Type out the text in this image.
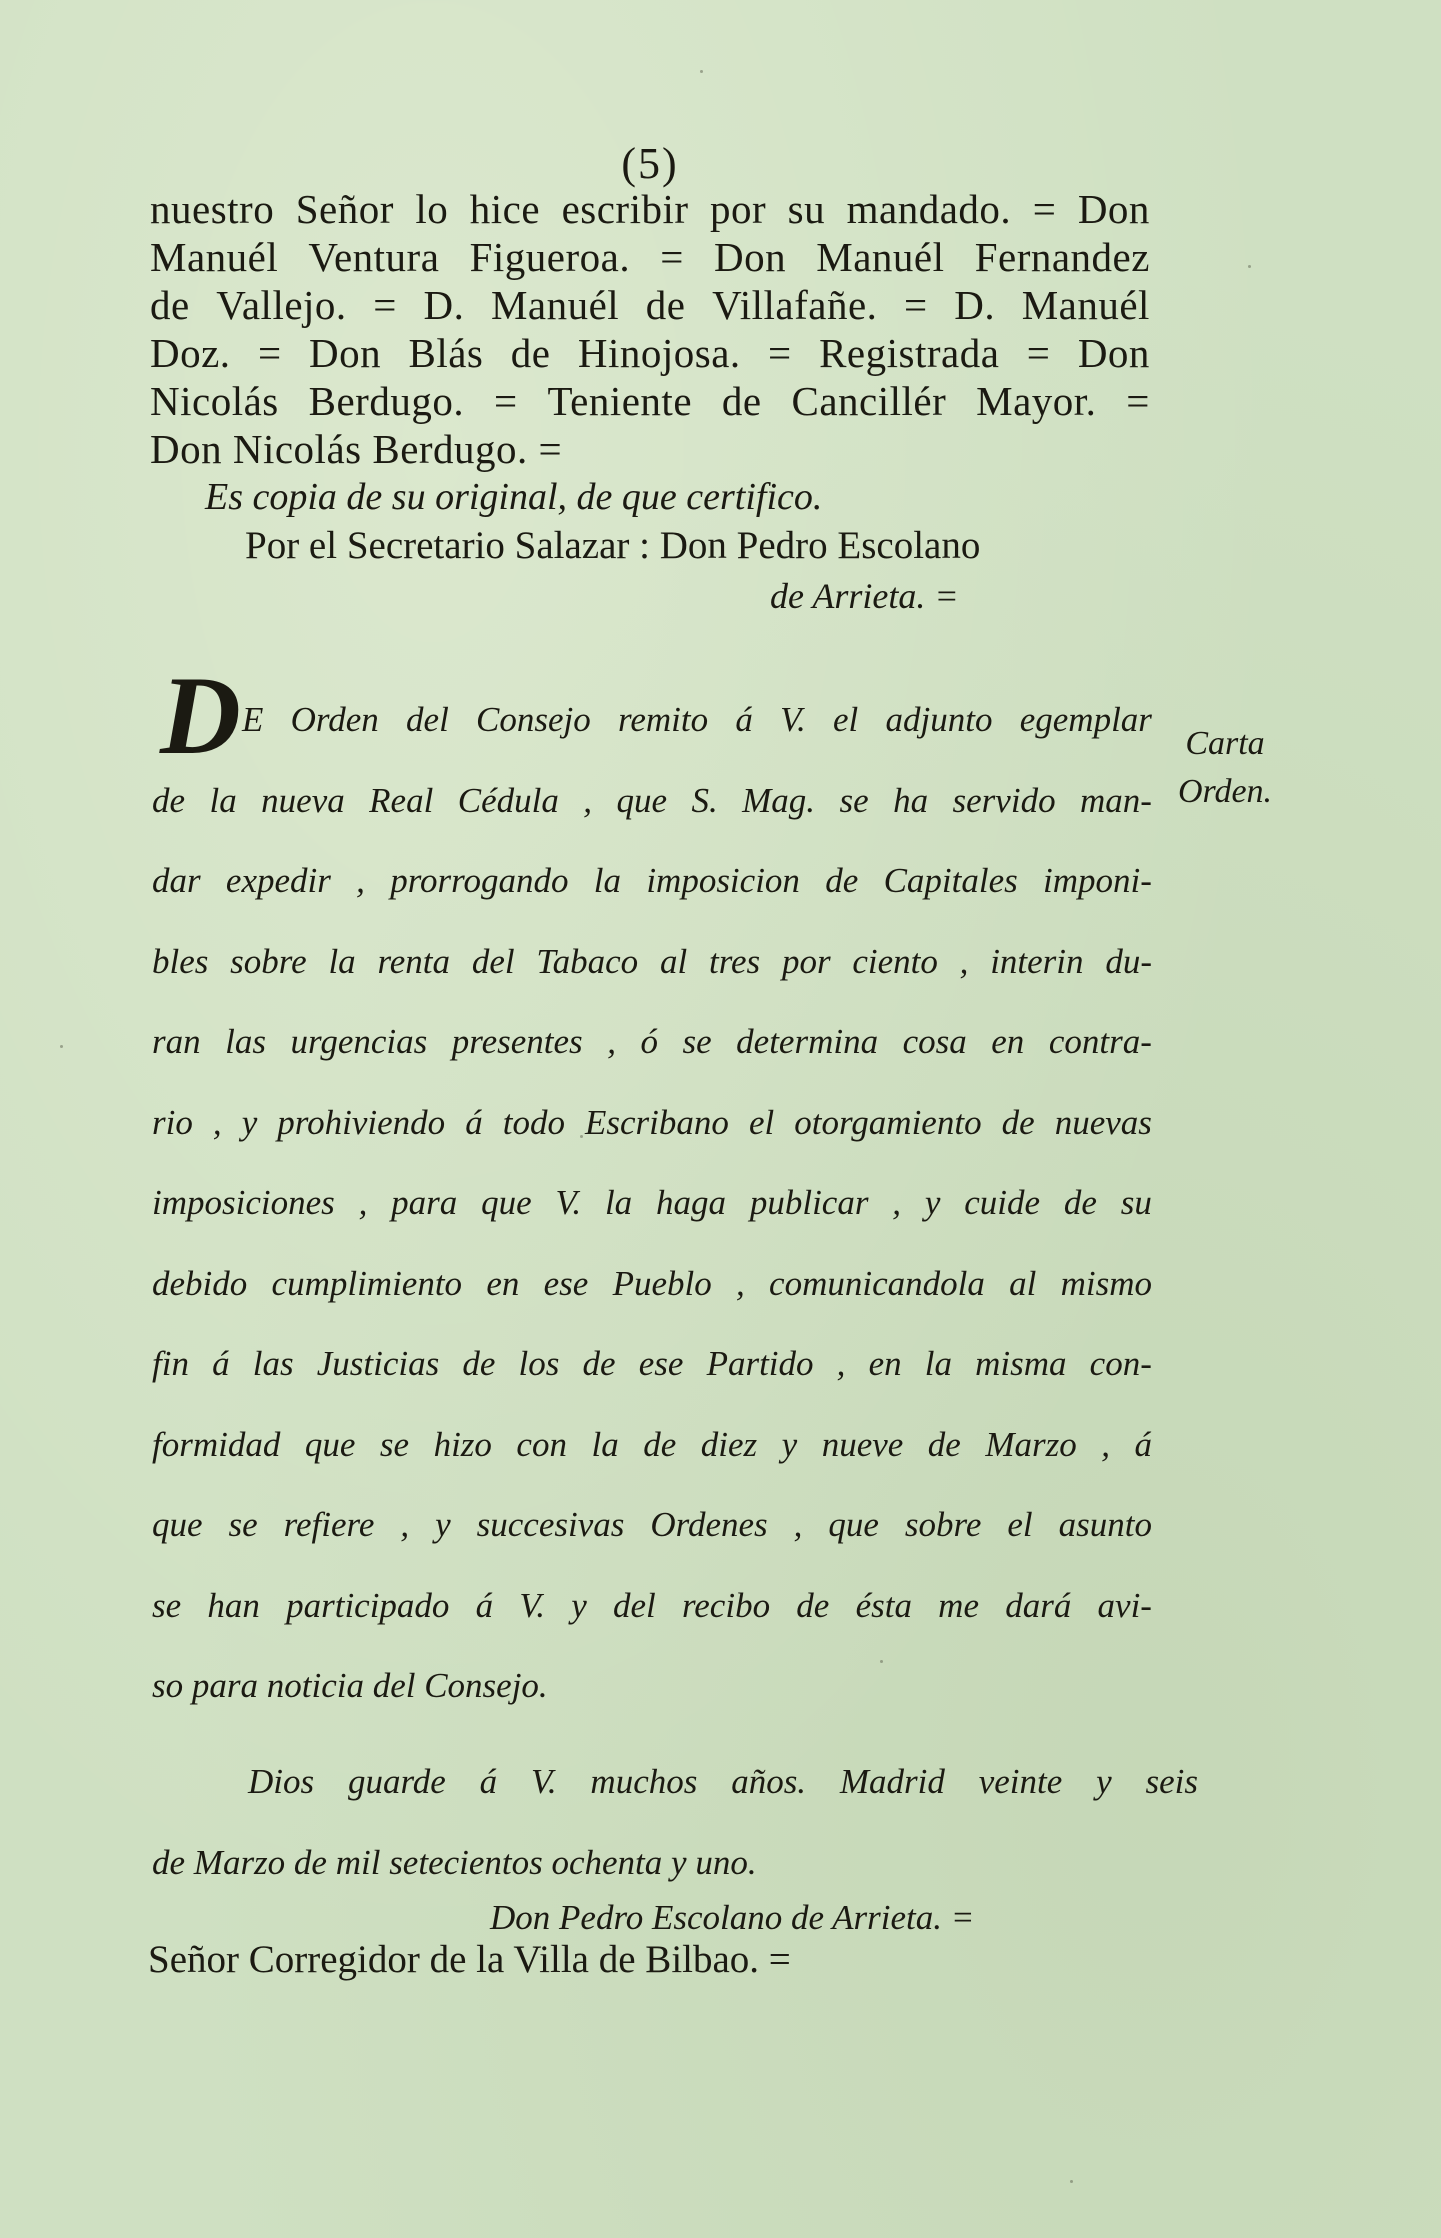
(5)
nuestro Señor lo hice escribir por su mandado. = Don
Manuél Ventura Figueroa. = Don Manuél Fernandez
de Vallejo. = D. Manuél de Villafañe. = D. Manuél
Doz. = Don Blás de Hinojosa. = Registrada = Don
Nicolás Berdugo. = Teniente de Cancillér Mayor. =
Don Nicolás Berdugo. =
Es copia de su original, de que certifico.
Por el Secretario Salazar : Don Pedro Escolano
de Arrieta. =
D E Orden del Consejo remito á V. el adjunto egemplar
de la nueva Real Cédula , que S. Mag. se ha servido man-
dar expedir , prorrogando la imposicion de Capitales imponi-
bles sobre la renta del Tabaco al tres por ciento , interin du-
ran las urgencias presentes , ó se determina cosa en contra-
rio , y prohiviendo á todo Escribano el otorgamiento de nuevas
imposiciones , para que V. la haga publicar , y cuide de su
debido cumplimiento en ese Pueblo , comunicandola al mismo
fin á las Justicias de los de ese Partido , en la misma con-
formidad que se hizo con la de diez y nueve de Marzo , á
que se refiere , y succesivas Ordenes , que sobre el asunto
se han participado á V. y del recibo de ésta me dará avi-
so para noticia del Consejo.
Dios guarde á V. muchos años. Madrid veinte y seis
de Marzo de mil setecientos ochenta y uno.
Don Pedro Escolano de Arrieta. =
Señor Corregidor de la Villa de Bilbao. =
Carta
Orden.
